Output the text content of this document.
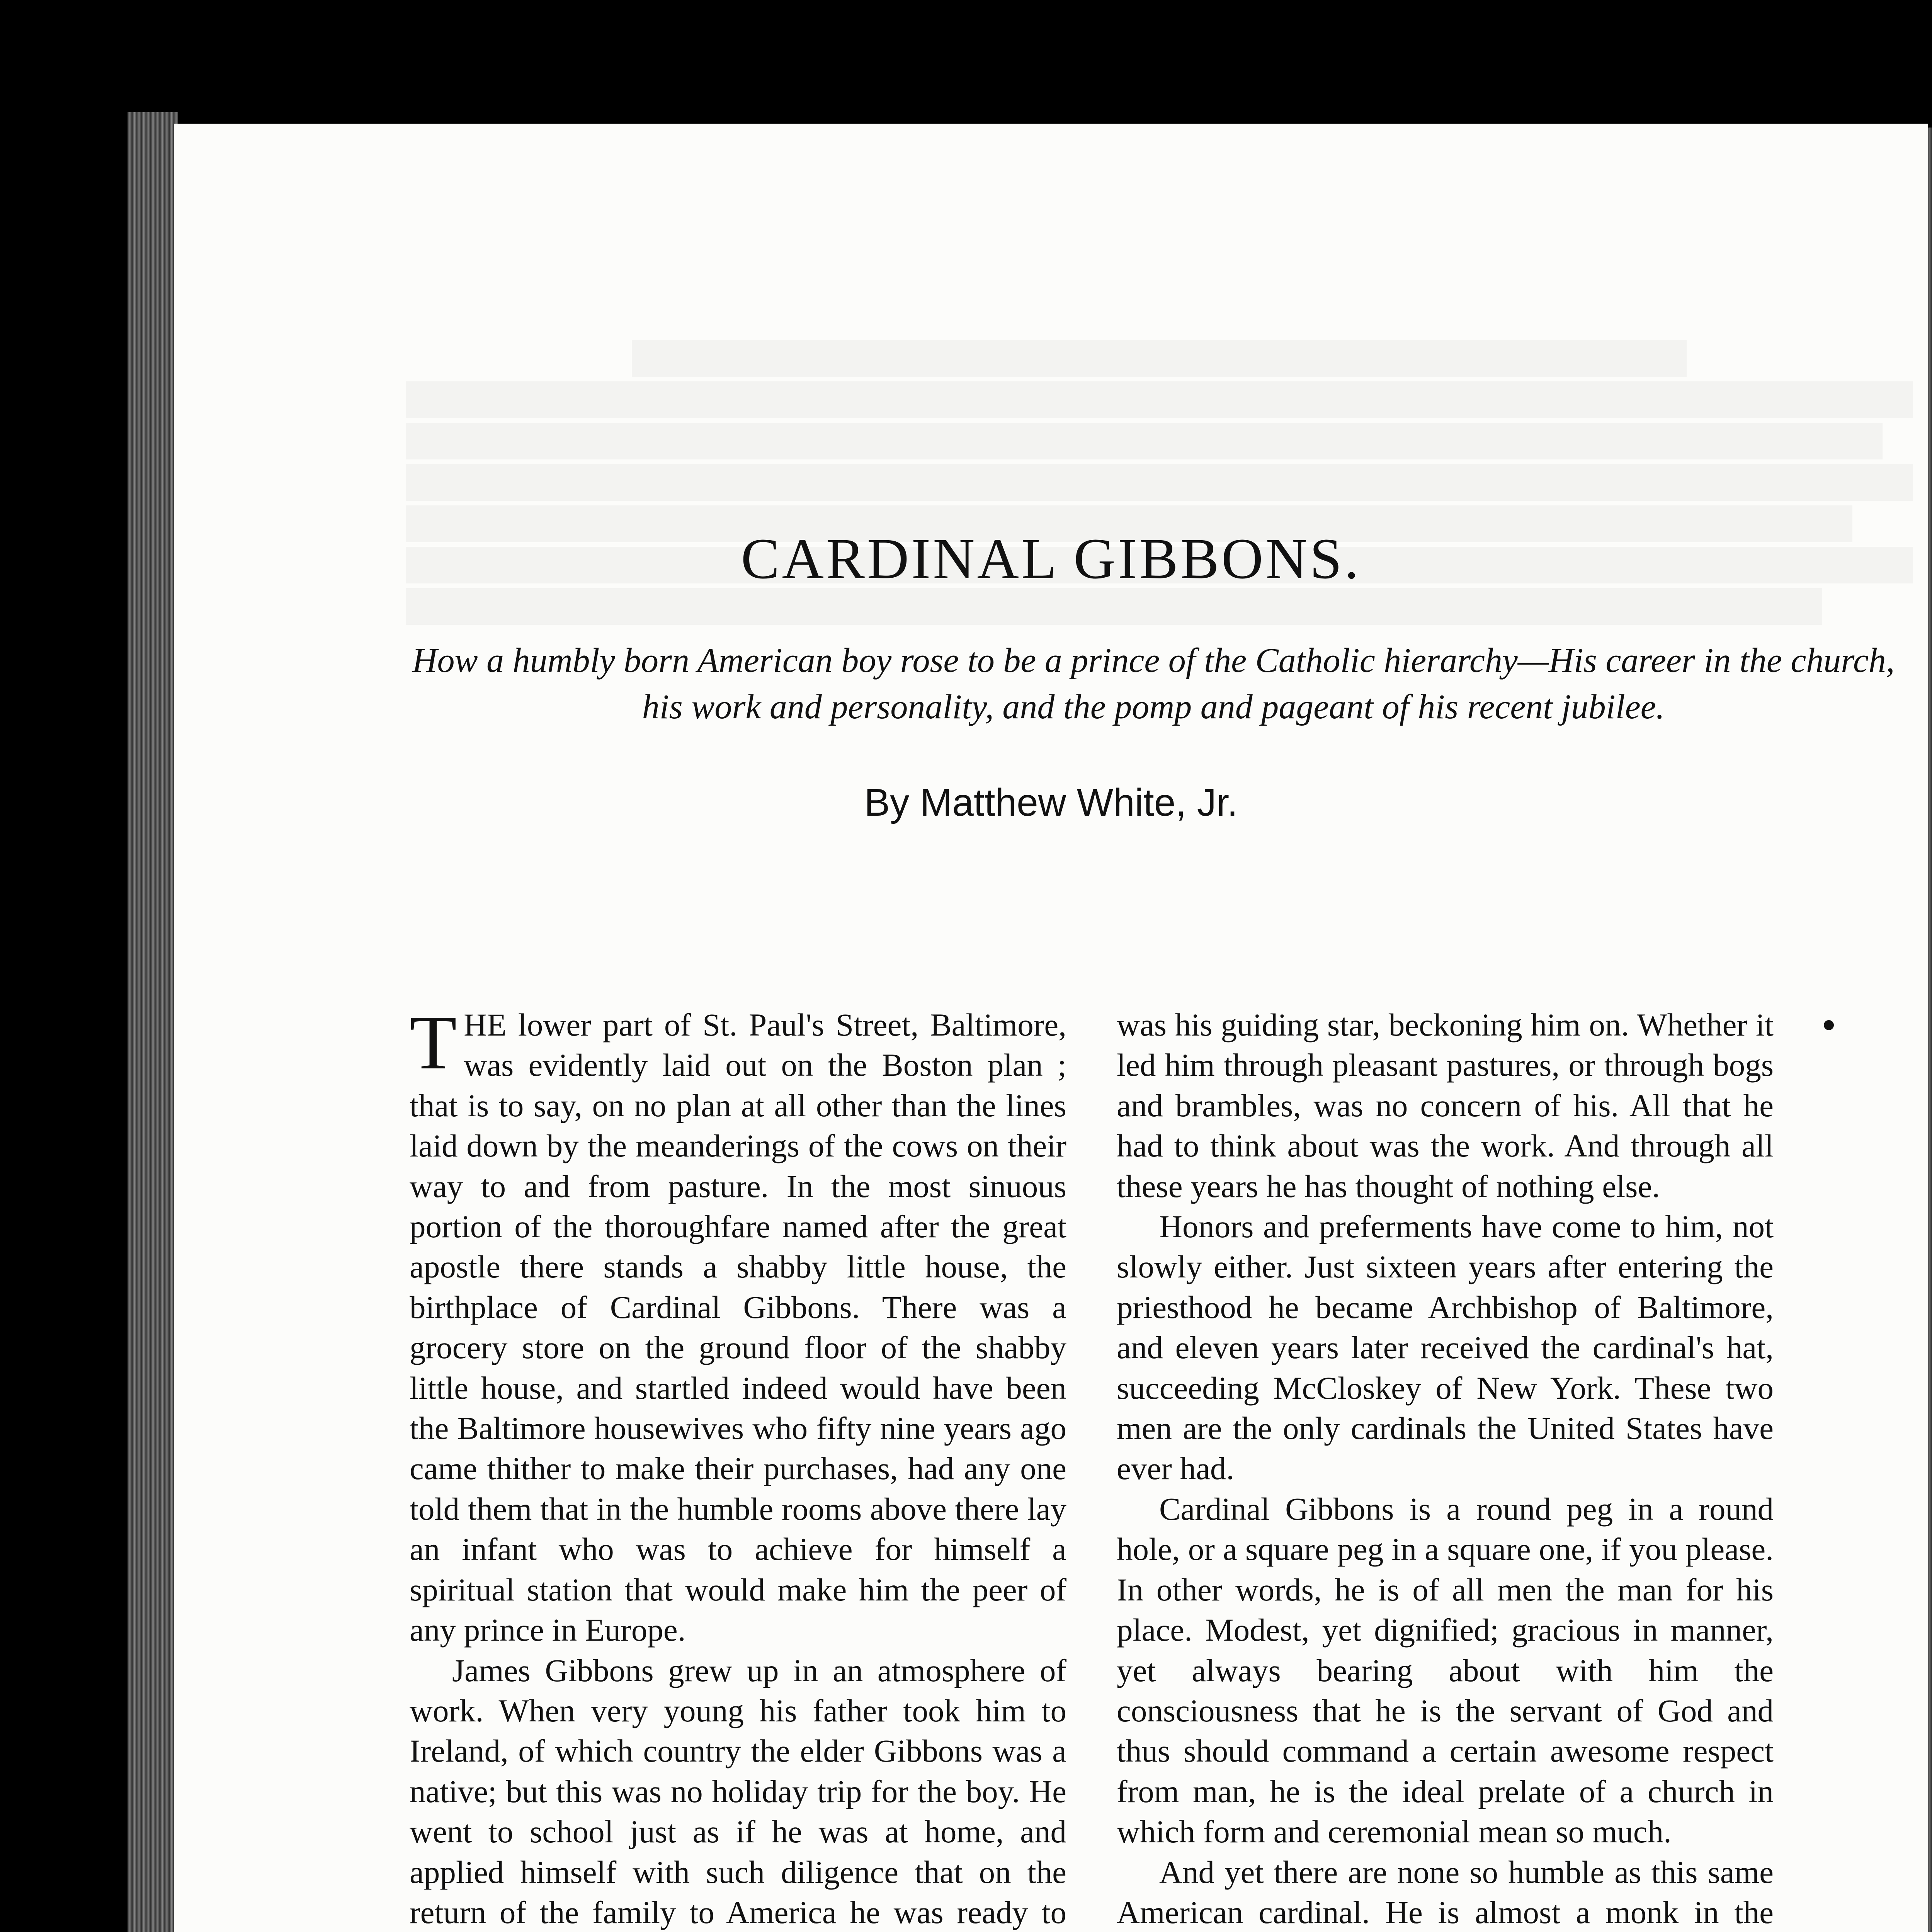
CARDINAL GIBBONS.

How a humbly born American boy rose to be a prince of the Catholic hierarchy—His career in the church, his work and personality, and the pomp and pageant of his recent jubilee.

By Matthew White, Jr.

THE lower part of St. Paul's Street, Baltimore, was evidently laid out on the Boston plan ; that is to say, on no plan at all other than the lines laid down by the meanderings of the cows on their way to and from pasture. In the most sinuous portion of the thoroughfare named after the great apostle there stands a shabby little house, the birthplace of Cardinal Gibbons. There was a grocery store on the ground floor of the shabby little house, and startled indeed would have been the Baltimore housewives who fifty nine years ago came thither to make their purchases, had any one told them that in the humble rooms above there lay an infant who was to achieve for himself a spiritual station that would make him the peer of any prince in Europe.

James Gibbons grew up in an atmosphere of work. When very young his father took him to Ireland, of which country the elder Gibbons was a native; but this was no holiday trip for the boy. He went to school just as if he was at home, and applied himself with such diligence that on the return of the family to America he was ready to

was his guiding star, beckoning him on. Whether it led him through pleasant pastures, or through bogs and brambles, was no concern of his. All that he had to think about was the work. And through all these years he has thought of nothing else.

Honors and preferments have come to him, not slowly either. Just sixteen years after entering the priesthood he became Archbishop of Baltimore, and eleven years later received the cardinal's hat, succeeding McCloskey of New York. These two men are the only cardinals the United States have ever had.

Cardinal Gibbons is a round peg in a round hole, or a square peg in a square one, if you please. In other words, he is of all men the man for his place. Modest, yet dignified; gracious in manner, yet always bearing about with him the consciousness that he is the servant of God and thus should command a certain awesome respect from man, he is the ideal prelate of a church in which form and ceremonial mean so much.

And yet there are none so humble as this same American cardinal. He is almost a monk in the
